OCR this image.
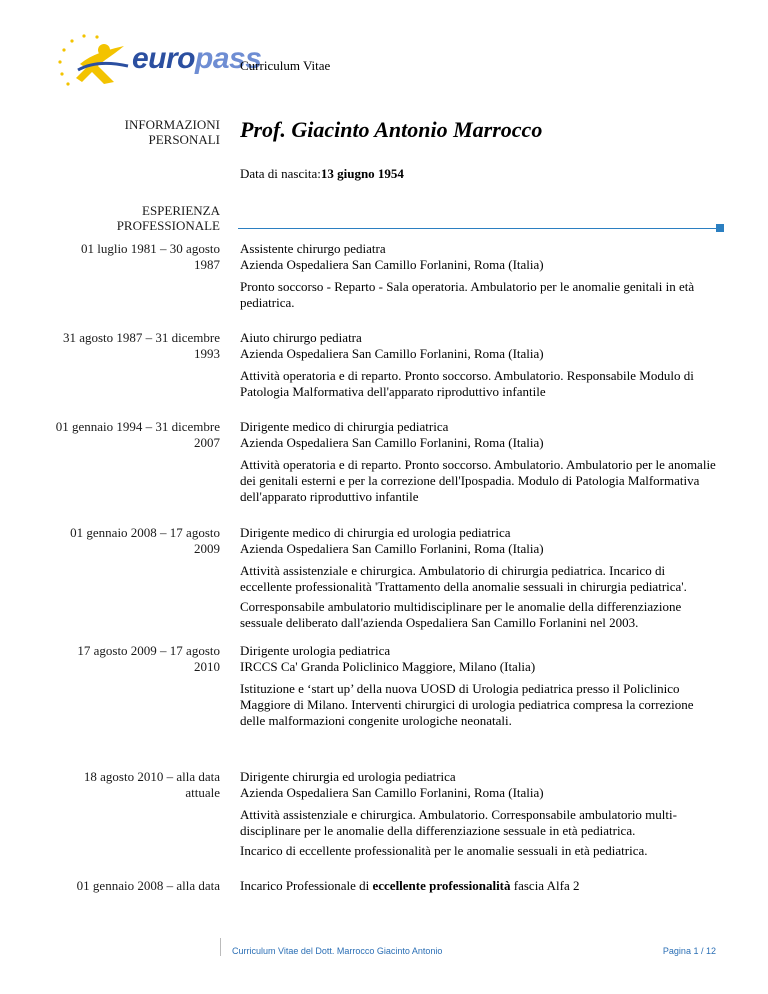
europass
Curriculum Vitae
INFORMAZIONI
PERSONALI Prof. Giacinto Antonio Marrocco
Data di nascita:13 giugno 1954
ESPERIENZA
PROFESSIONALE
01 luglio 1981 – 30 agosto
1987

Assistente chirurgo pediatra

Azienda Ospedaliera San Camillo Forlanini, Roma (Italia)

Pronto soccorso - Reparto - Sala operatoria. Ambulatorio per le anomalie genitali in età pediatrica.

31 agosto 1987 – 31 dicembre
1993

Aiuto chirurgo pediatra

Azienda Ospedaliera San Camillo Forlanini, Roma (Italia)

Attività operatoria e di reparto. Pronto soccorso. Ambulatorio. Responsabile Modulo di Patologia Malformativa dell'apparato riproduttivo infantile

01 gennaio 1994 – 31 dicembre
2007

Dirigente medico di chirurgia pediatrica

Azienda Ospedaliera San Camillo Forlanini, Roma (Italia)

Attività operatoria e di reparto. Pronto soccorso. Ambulatorio. Ambulatorio per le anomalie dei genitali esterni e per la correzione dell'Ipospadia. Modulo di Patologia Malformativa dell'apparato riproduttivo infantile

01 gennaio 2008 – 17 agosto
2009

Dirigente medico di chirurgia ed urologia pediatrica

Azienda Ospedaliera San Camillo Forlanini, Roma (Italia)

Attività assistenziale e chirurgica. Ambulatorio di chirurgia pediatrica. Incarico di eccellente professionalità 'Trattamento della anomalie sessuali in chirurgia pediatrica'.

Corresponsabile ambulatorio multidisciplinare per le anomalie della differenziazione sessuale deliberato dall'azienda Ospedaliera San Camillo Forlanini nel 2003.

17 agosto 2009 – 17 agosto
2010

Dirigente urologia pediatrica

IRCCS Ca' Granda Policlinico Maggiore, Milano (Italia)

Istituzione e ‘start up’ della nuova UOSD di Urologia pediatrica presso il Policlinico Maggiore di Milano. Interventi chirurgici di urologia pediatrica compresa la correzione delle malformazioni congenite urologiche neonatali.

18 agosto 2010 – alla data
attuale

Dirigente chirurgia ed urologia pediatrica

Azienda Ospedaliera San Camillo Forlanini, Roma (Italia)

Attività assistenziale e chirurgica. Ambulatorio. Corresponsabile ambulatorio multi-disciplinare per le anomalie della differenziazione sessuale in età pediatrica.

Incarico di eccellente professionalità per le anomalie sessuali in età pediatrica.

01 gennaio 2008 – alla data Incarico Professionale di eccellente professionalità fascia Alfa 2

Curriculum Vitae del Dott. Marrocco Giacinto Antonio	Pagina 1 / 12
